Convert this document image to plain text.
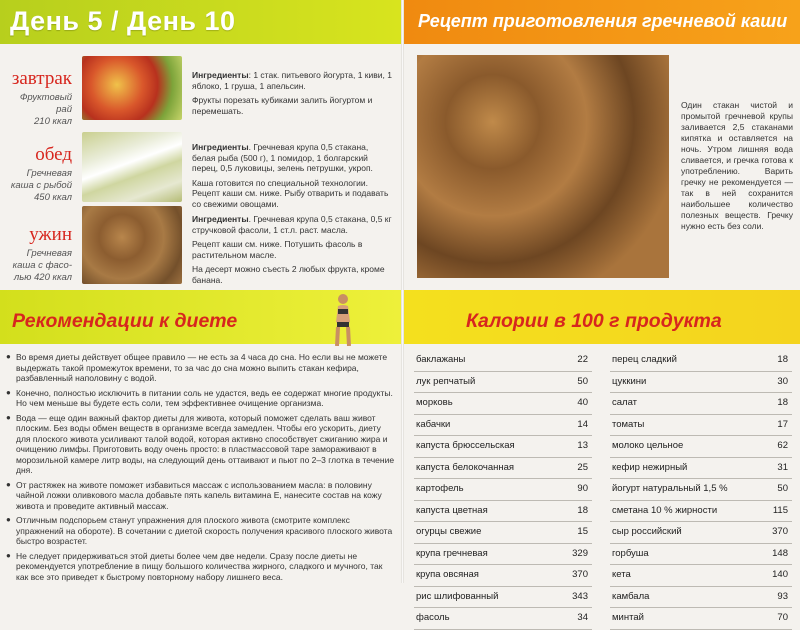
День 5 / День 10	Рецепт приготовления гречневой каши
завтрак
Фруктовый
рай
210 ккал

Ингредиенты: 1 стак. питьевого йогурта, 1 киви, 1 яблоко, 1 груша, 1 апельсин.

Фрукты порезать кубиками залить йогуртом и перемешать.

обед
Гречневая
каша с рыбой
450 ккал

Ингредиенты. Гречневая крупа 0,5 стакана, белая рыба (500 г), 1 помидор, 1 болгарский перец, 0,5 луковицы, зелень петрушки, укроп.

Каша готовится по специальной технологии. Рецепт каши см. ниже. Рыбу отварить и подавать со свежими овощами.

ужин
Гречневая
каша с фасо-
лью 420 ккал

Ингредиенты. Гречневая крупа 0,5 стакана, 0,5 кг стручковой фасоли, 1 ст.л. раст. масла.

Рецепт каши см. ниже. Потушить фасоль в растительном масле.

На десерт можно съесть 2 любых фрукта, кроме банана.

Один стакан чистой и промытой гречневой крупы заливается 2,5 стаканами кипятка и оставляется на ночь. Утром лишняя вода сливается, и гречка готова к употреблению. Варить гречку не рекомендуется — так в ней сохранится наибольшее количество полезных веществ. Гречку нужно есть без соли.
Рекомендации к диете	Калории в 100 г продукта
● Во время диеты действует общее правило — не есть за 4 часа до сна. Но если вы не можете выдержать такой промежуток времени, то за час до сна можно выпить стакан кефира, разбавленный наполовину с водой.
● Конечно, полностью исключить в питании соль не удастся, ведь ее содержат многие продукты. Но чем меньше вы будете есть соли, тем эффективнее очищение организма.
● Вода — еще один важный фактор диеты для живота, который поможет сделать ваш живот плоским. Без воды обмен веществ в организме всегда замедлен. Чтобы его ускорить, диету для плоского живота усиливают талой водой, которая активно способствует сжиганию жира и очищению лимфы. Приготовить воду очень просто: в пластмассовой таре замораживают в морозильной камере литр воды, на следующий день оттаивают и пьют по 2–3 глотка в течение дня.
● От растяжек на животе поможет избавиться массаж с использованием масла: в половину чайной ложки оливкового масла добавьте пять капель витамина Е, нанесите состав на кожу живота и проведите активный массаж.
● Отличным подспорьем станут упражнения для плоского живота (смотрите комплекс упражнений на обороте). В сочетании с диетой скорость получения красивого плоского живота быстро возрастет.
● Не следует придерживаться этой диеты более чем две недели. Сразу после диеты не рекомендуется употребление в пищу большого количества жирного, сладкого и мучного, так как все это приведет к быстрому повторному набору лишнего веса.
баклажаны	22
лук репчатый	50
морковь	40
кабачки	14
капуста брюссельская	13
капуста белокочанная	25
картофель	90
капуста цветная	18
огурцы свежие	15
крупа гречневая	329
крупа овсяная	370
рис шлифованный	343
фасоль	34
перец сладкий	18
цуккини	30
салат	18
томаты	17
молоко цельное	62
кефир нежирный	31
йогурт натуральный 1,5 %	50
сметана 10 % жирности	115
сыр российский	370
горбуша	148
кета	140
камбала	93
минтай	70
